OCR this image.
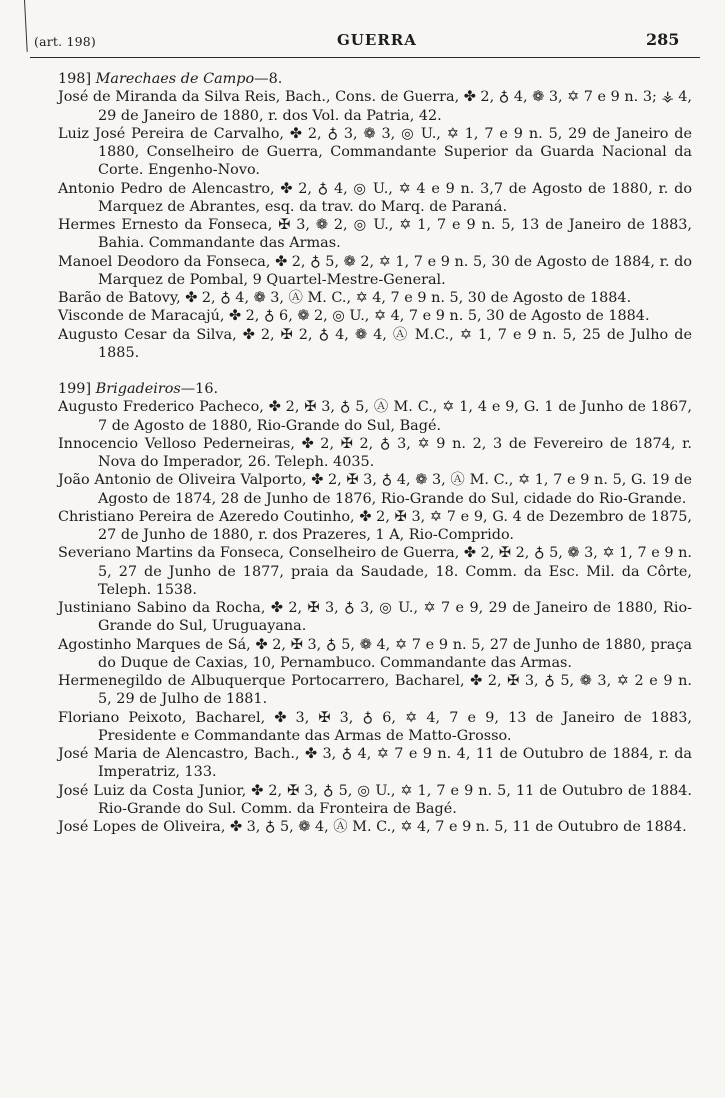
(art. 198)	GUERRA	285

198] Marechaes de Campo—8.

José de Miranda da Silva Reis, Bach., Cons. de Guerra, ✤ 2, ♁ 4, ❁ 3, ✡ 7 e 9 n. 3; ⚶ 4, 29 de Janeiro de 1880, r. dos Vol. da Patria, 42.

Luiz José Pereira de Carvalho, ✤ 2, ♁ 3, ❁ 3, ◎ U., ✡ 1, 7 e 9 n. 5, 29 de Janeiro de 1880, Conselheiro de Guerra, Commandante Superior da Guarda Nacional da Corte. Engenho-Novo.

Antonio Pedro de Alencastro, ✤ 2, ♁ 4, ◎ U., ✡ 4 e 9 n. 3,7 de Agosto de 1880, r. do Marquez de Abrantes, esq. da trav. do Marq. de Paraná.

Hermes Ernesto da Fonseca, ✠ 3, ❁ 2, ◎ U., ✡ 1, 7 e 9 n. 5, 13 de Janeiro de 1883, Bahia. Commandante das Armas.

Manoel Deodoro da Fonseca, ✤ 2, ♁ 5, ❁ 2, ✡ 1, 7 e 9 n. 5, 30 de Agosto de 1884, r. do Marquez de Pombal, 9 Quartel-Mestre-General.

Barão de Batovy, ✤ 2, ♁ 4, ❁ 3, Ⓐ M. C., ✡ 4, 7 e 9 n. 5, 30 de Agosto de 1884.

Visconde de Maracajú, ✤ 2, ♁ 6, ❁ 2, ◎ U., ✡ 4, 7 e 9 n. 5, 30 de Agosto de 1884.

Augusto Cesar da Silva, ✤ 2, ✠ 2, ♁ 4, ❁ 4, Ⓐ M.C., ✡ 1, 7 e 9 n. 5, 25 de Julho de 1885.

199] Brigadeiros—16.

Augusto Frederico Pacheco, ✤ 2, ✠ 3, ♁ 5, Ⓐ M. C., ✡ 1, 4 e 9, G. 1 de Junho de 1867, 7 de Agosto de 1880, Rio-Grande do Sul, Bagé.

Innocencio Velloso Pederneiras, ✤ 2, ✠ 2, ♁ 3, ✡ 9 n. 2, 3 de Fevereiro de 1874, r. Nova do Imperador, 26. Teleph. 4035.

João Antonio de Oliveira Valporto, ✤ 2, ✠ 3, ♁ 4, ❁ 3, Ⓐ M. C., ✡ 1, 7 e 9 n. 5, G. 19 de Agosto de 1874, 28 de Junho de 1876, Rio-Grande do Sul, cidade do Rio-Grande.

Christiano Pereira de Azeredo Coutinho, ✤ 2, ✠ 3, ✡ 7 e 9, G. 4 de Dezembro de 1875, 27 de Junho de 1880, r. dos Prazeres, 1 A, Rio-Comprido.

Severiano Martins da Fonseca, Conselheiro de Guerra, ✤ 2, ✠ 2, ♁ 5, ❁ 3, ✡ 1, 7 e 9 n. 5, 27 de Junho de 1877, praia da Saudade, 18. Comm. da Esc. Mil. da Côrte, Teleph. 1538.

Justiniano Sabino da Rocha, ✤ 2, ✠ 3, ♁ 3, ◎ U., ✡ 7 e 9, 29 de Janeiro de 1880, Rio-Grande do Sul, Uruguayana.

Agostinho Marques de Sá, ✤ 2, ✠ 3, ♁ 5, ❁ 4, ✡ 7 e 9 n. 5, 27 de Junho de 1880, praça do Duque de Caxias, 10, Pernambuco. Commandante das Armas.

Hermenegildo de Albuquerque Portocarrero, Bacharel, ✤ 2, ✠ 3, ♁ 5, ❁ 3, ✡ 2 e 9 n. 5, 29 de Julho de 1881.

Floriano Peixoto, Bacharel, ✤ 3, ✠ 3, ♁ 6, ✡ 4, 7 e 9, 13 de Janeiro de 1883, Presidente e Commandante das Armas de Matto-Grosso.

José Maria de Alencastro, Bach., ✤ 3, ♁ 4, ✡ 7 e 9 n. 4, 11 de Outubro de 1884, r. da Imperatriz, 133.

José Luiz da Costa Junior, ✤ 2, ✠ 3, ♁ 5, ◎ U., ✡ 1, 7 e 9 n. 5, 11 de Outubro de 1884. Rio-Grande do Sul. Comm. da Fronteira de Bagé.

José Lopes de Oliveira, ✤ 3, ♁ 5, ❁ 4, Ⓐ M. C., ✡ 4, 7 e 9 n. 5, 11 de Outubro de 1884.
